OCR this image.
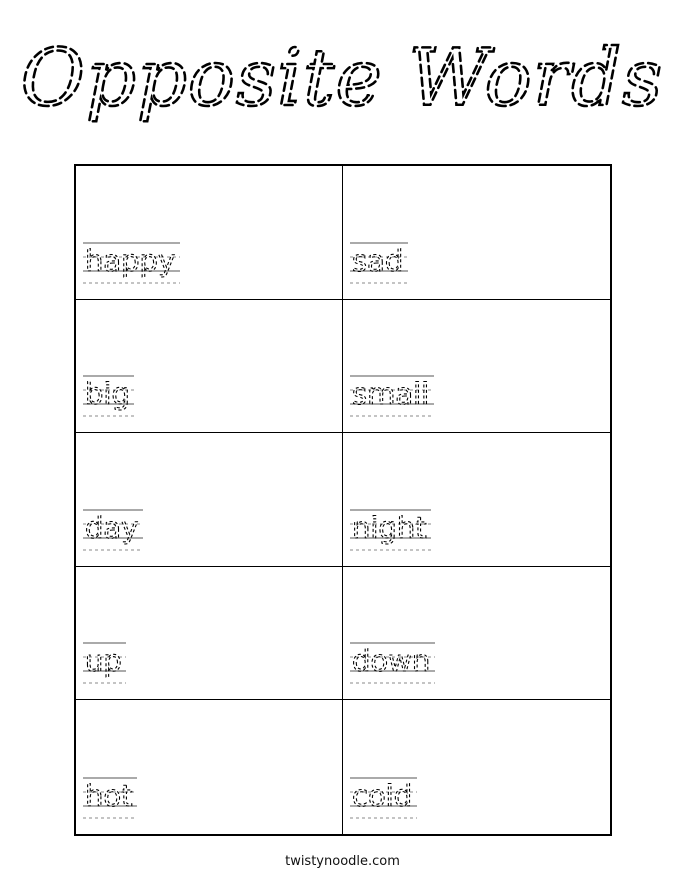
Opposite Words
happy	sad
big	small
day	night
up	down
hot	cold
twistynoodle.com
